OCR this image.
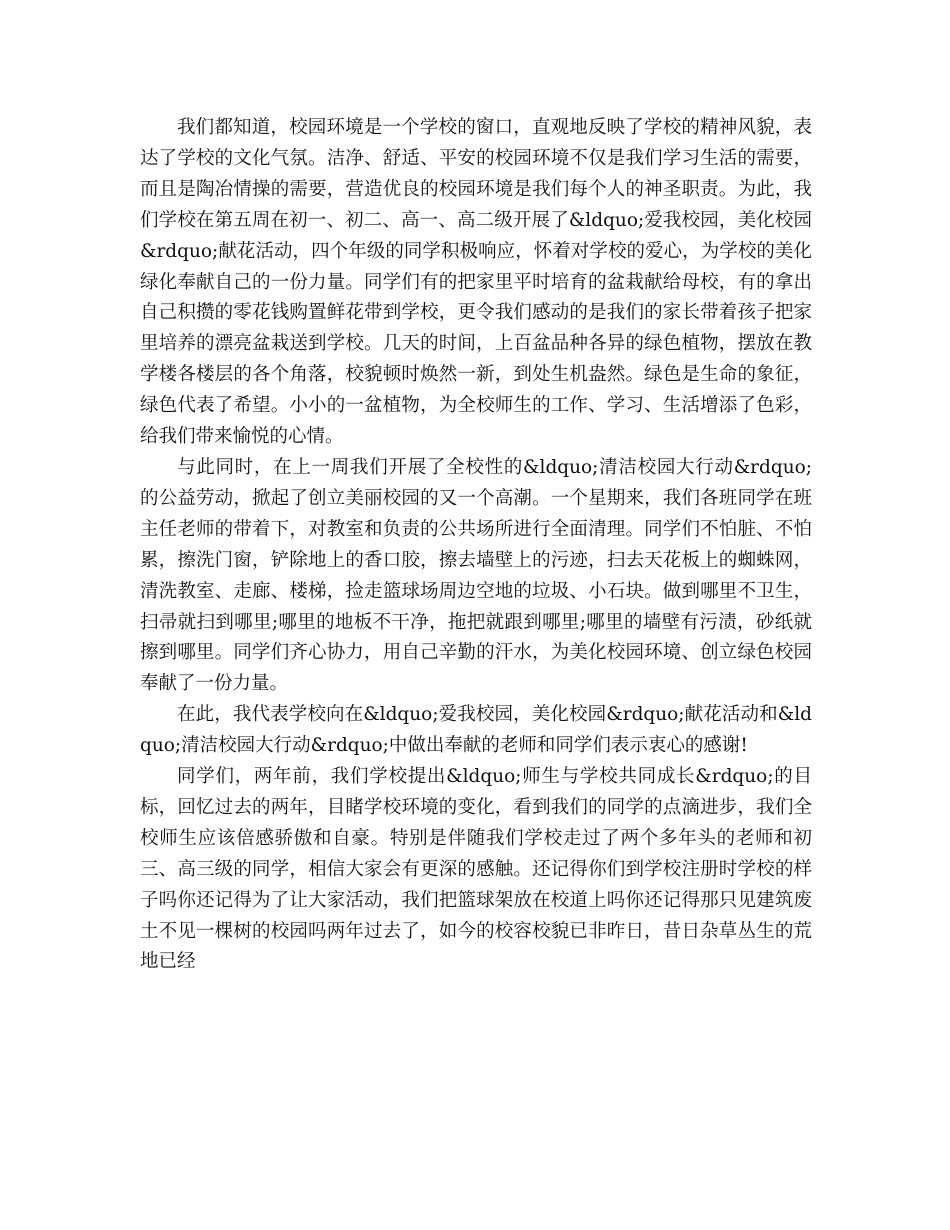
我们都知道，校园环境是一个学校的窗口，直观地反映了学校的精神风貌，表达了学校的文化气氛。洁净、舒适、平安的校园环境不仅是我们学习生活的需要，而且是陶冶情操的需要，营造优良的校园环境是我们每个人的神圣职责。为此，我们学校在第五周在初一、初二、高一、高二级开展了&ldquo;爱我校园，美化校园&rdquo;献花活动，四个年级的同学积极响应，怀着对学校的爱心，为学校的美化绿化奉献自己的一份力量。同学们有的把家里平时培育的盆栽献给母校，有的拿出自己积攒的零花钱购置鲜花带到学校，更令我们感动的是我们的家长带着孩子把家里培养的漂亮盆栽送到学校。几天的时间，上百盆品种各异的绿色植物，摆放在教学楼各楼层的各个角落，校貌顿时焕然一新，到处生机盎然。绿色是生命的象征，绿色代表了希望。小小的一盆植物，为全校师生的工作、学习、生活增添了色彩，给我们带来愉悦的心情。

与此同时，在上一周我们开展了全校性的&ldquo;清洁校园大行动&rdquo; 的公益劳动，掀起了创立美丽校园的又一个高潮。一个星期来，我们各班同学在班主任老师的带着下，对教室和负责的公共场所进行全面清理。同学们不怕脏、不怕累，擦洗门窗，铲除地上的香口胶，擦去墙壁上的污迹，扫去天花板上的蜘蛛网，清洗教室、走廊、楼梯，捡走篮球场周边空地的垃圾、小石块。做到哪里不卫生，扫帚就扫到哪里;哪里的地板不干净，拖把就跟到哪里;哪里的墙壁有污渍，砂纸就擦到哪里。同学们齐心协力，用自己辛勤的汗水，为美化校园环境、创立绿色校园奉献了一份力量。

在此，我代表学校向在&ldquo;爱我校园，美化校园&rdquo;献花活动和&ldquo;清洁校园大行动&rdquo;中做出奉献的老师和同学们表示衷心的感谢!

同学们，两年前，我们学校提出&ldquo;师生与学校共同成长&rdquo;的目标，回忆过去的两年，目睹学校环境的变化，看到我们的同学的点滴进步，我们全校师生应该倍感骄傲和自豪。特别是伴随我们学校走过了两个多年头的老师和初三、高三级的同学，相信大家会有更深的感触。还记得你们到学校注册时学校的样子吗你还记得为了让大家活动，我们把篮球架放在校道上吗你还记得那只见建筑废土不见一棵树的校园吗两年过去了，如今的校容校貌已非昨日，昔日杂草丛生的荒地已经
